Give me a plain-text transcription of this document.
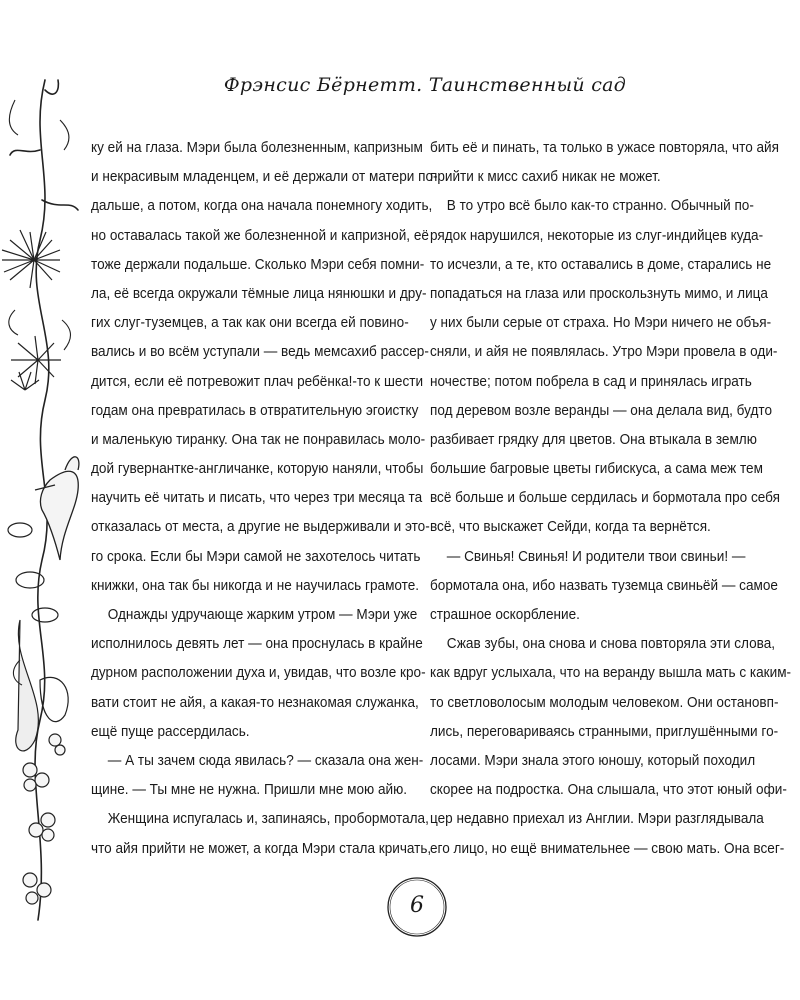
Фрэнсис Бёрнетт. Таинственный сад
ку ей на глаза. Мэри была болезненным, капризным
и некрасивым младенцем, и её держали от матери по-
дальше, а потом, когда она начала понемногу ходить,
но оставалась такой же болезненной и капризной, её
тоже держали подальше. Сколько Мэри себя помни-
ла, её всегда окружали тёмные лица нянюшки и дру-
гих слуг-туземцев, а так как они всегда ей повино-
вались и во всём уступали — ведь мемсахиб рассер-
дится, если её потревожит плач ребёнка!-то к шести
годам она превратилась в отвратительную эгоистку
и маленькую тиранку. Она так не понравилась моло-
дой гувернантке-англичанке, которую наняли, чтобы
научить её читать и писать, что через три месяца та
отказалась от места, а другие не выдерживали и это-
го срока. Если бы Мэри самой не захотелось читать
книжки, она так бы никогда и не научилась грамоте.
Однажды удручающе жарким утром — Мэри уже
исполнилось девять лет — она проснулась в крайне
дурном расположении духа и, увидав, что возле кро-
вати стоит не айя, а какая-то незнакомая служанка,
ещё пуще рассердилась.
— А ты зачем сюда явилась? — сказала она жен-
щине. — Ты мне не нужна. Пришли мне мою айю.
Женщина испугалась и, запинаясь, пробормотала,
что айя прийти не может, а когда Мэри стала кричать,
бить её и пинать, та только в ужасе повторяла, что айя
прийти к мисс сахиб никак не может.
В то утро всё было как-то странно. Обычный по-
рядок нарушился, некоторые из слуг-индийцев куда-
то исчезли, а те, кто оставались в доме, старались не
попадаться на глаза или проскользнуть мимо, и лица
у них были серые от страха. Но Мэри ничего не объя-
сняли, и айя не появлялась. Утро Мэри провела в оди-
ночестве; потом побрела в сад и принялась играть
под деревом возле веранды — она делала вид, будто
разбивает грядку для цветов. Она втыкала в землю
большие багровые цветы гибискуса, а сама меж тем
всё больше и больше сердилась и бормотала про себя
всё, что выскажет Сейди, когда та вернётся.
— Свинья! Свинья! И родители твои свиньи! —
бормотала она, ибо назвать туземца свиньёй — самое
страшное оскорбление.
Сжав зубы, она снова и снова повторяла эти слова,
как вдруг услыхала, что на веранду вышла мать с каким-
то светловолосым молодым человеком. Они остановп-
лись, переговариваясь странными, приглушёнными го-
лосами. Мэри знала этого юношу, который походил
скорее на подростка. Она слышала, что этот юный офи-
цер недавно приехал из Англии. Мэри разглядывала
его лицо, но ещё внимательнее — свою мать. Она всег-
6
